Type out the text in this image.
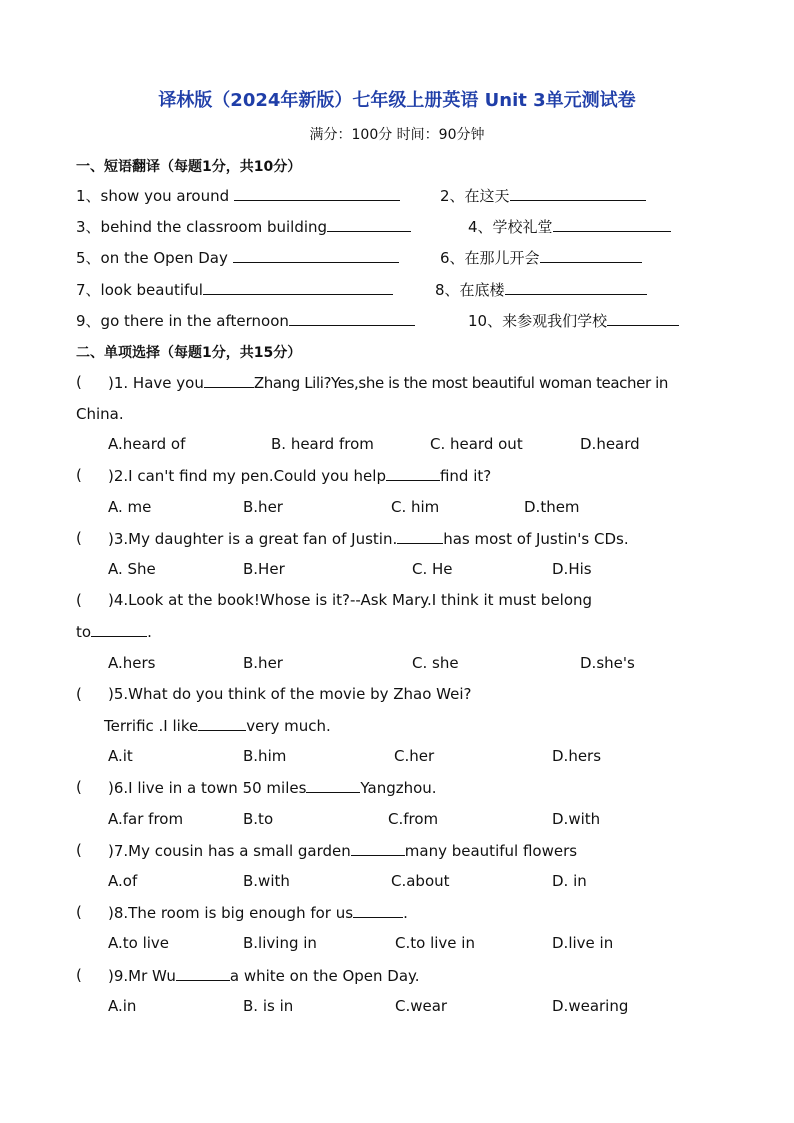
译林版（2024年新版）七年级上册英语 Unit 3单元测试卷
满分：100分 时间：90分钟
一、短语翻译（每题1分，共10分）
1、show you around	2、在这天
3、behind the classroom building	4、学校礼堂
5、on the Open Day	6、在那儿开会
7、look beautiful	8、在底楼
9、go there in the afternoon	10、来参观我们学校
二、单项选择（每题1分，共15分）
( )1. Have you	Zhang Lili?Yes,she is the most beautiful woman teacher in
China.
A.heard of	B. heard from	C. heard out	D.heard
( )2.I can't find my pen.Could you help	find it?
A. me	B.her	C. him	D.them
( )3.My daughter is a great fan of Justin.	has most of Justin's CDs.
A. She	B.Her	C. He	D.His
( )4.Look at the book!Whose is it?--Ask Mary.I think it must belong
to	.
A.hers	B.her	C. she	D.she's
( )5.What do you think of the movie by Zhao Wei?
Terrific .I like	very much.
A.it	B.him	C.her	D.hers
( )6.I live in a town 50 miles	Yangzhou.
A.far from	B.to	C.from	D.with
( )7.My cousin has a small garden	many beautiful flowers
A.of	B.with	C.about	D. in
( )8.The room is big enough for us	.
A.to live	B.living in	C.to live in	D.live in
( )9.Mr Wu	a white on the Open Day.
A.in	B. is in	C.wear	D.wearing
